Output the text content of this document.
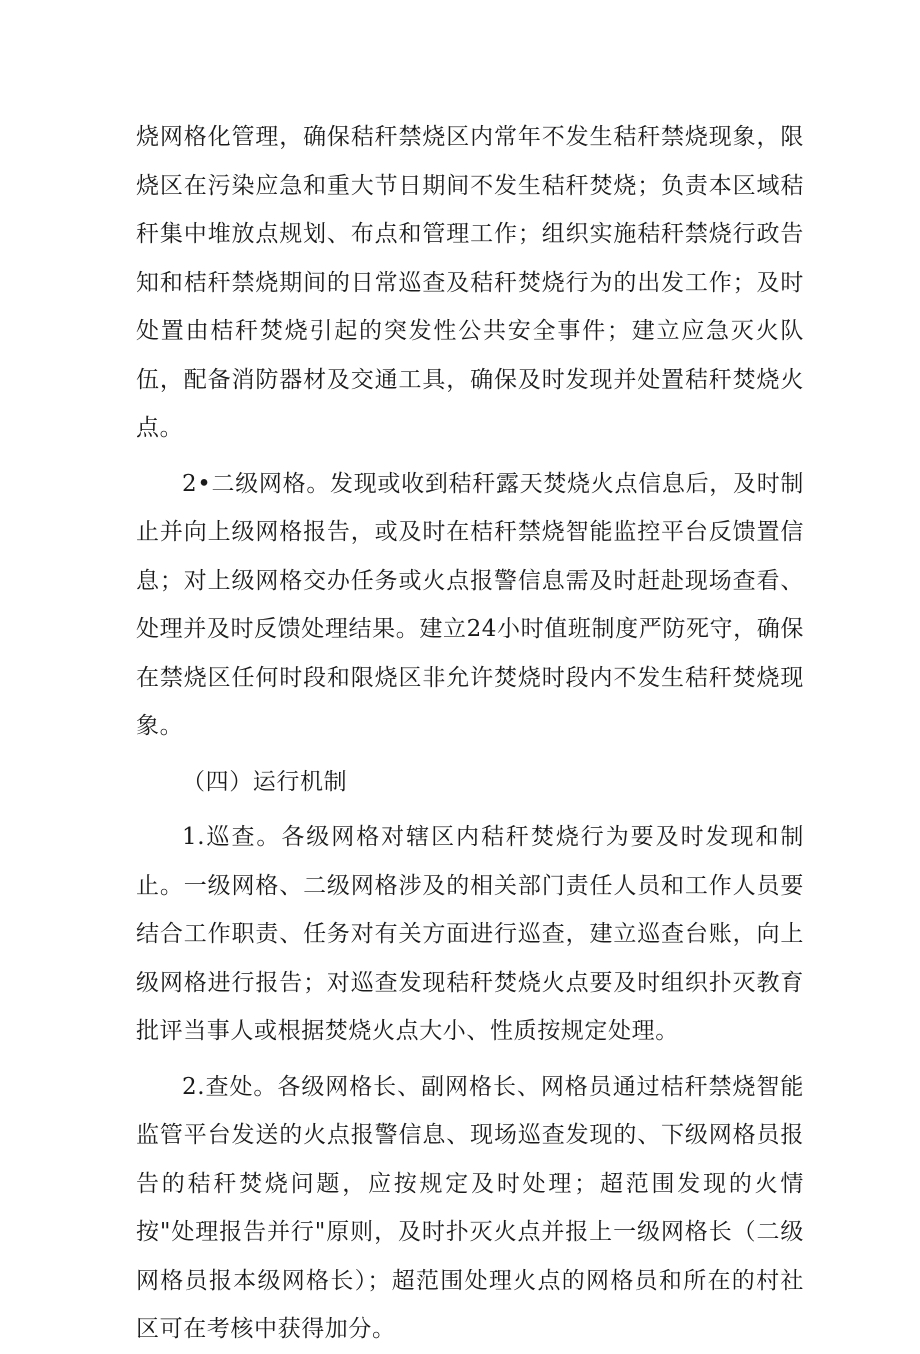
烧网格化管理，确保秸秆禁烧区内常年不发生秸秆禁烧现象，限烧区在污染应急和重大节日期间不发生秸秆焚烧；负责本区域秸秆集中堆放点规划、布点和管理工作；组织实施秸秆禁烧行政告知和桔秆禁烧期间的日常巡查及秸秆焚烧行为的出发工作；及时处置由桔秆焚烧引起的突发性公共安全事件；建立应急灭火队伍，配备消防器材及交通工具，确保及时发现并处置秸秆焚烧火点。

2•二级网格。发现或收到秸秆露天焚烧火点信息后，及时制止并向上级网格报告，或及时在桔秆禁烧智能监控平台反馈置信息；对上级网格交办任务或火点报警信息需及时赶赴现场查看、处理并及时反馈处理结果。建立24小时值班制度严防死守，确保在禁烧区任何时段和限烧区非允许焚烧时段内不发生秸秆焚烧现象。

（四）运行机制

1.巡查。各级网格对辖区内秸秆焚烧行为要及时发现和制止。一级网格、二级网格涉及的相关部门责任人员和工作人员要结合工作职责、任务对有关方面进行巡查，建立巡查台账，向上级网格进行报告；对巡查发现秸秆焚烧火点要及时组织扑灭教育批评当事人或根据焚烧火点大小、性质按规定处理。

2.查处。各级网格长、副网格长、网格员通过桔秆禁烧智能监管平台发送的火点报警信息、现场巡查发现的、下级网格员报告的秸秆焚烧问题，应按规定及时处理；超范围发现的火情按"处理报告并行"原则，及时扑灭火点并报上一级网格长（二级网格员报本级网格长）；超范围处理火点的网格员和所在的村社区可在考核中获得加分。
